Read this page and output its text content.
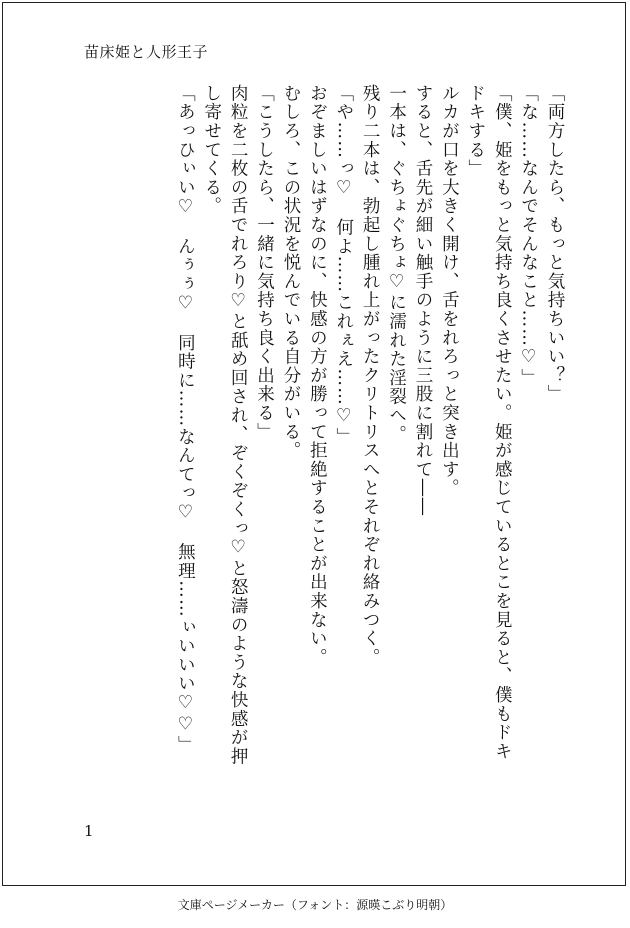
苗床姫と人形王子
「両方したら、もっと気持ちいい？」
「な……なんでそんなこと……♡」
「僕、姫をもっと気持ち良くさせたい。姫が感じているとこを見ると、僕もドキ
ドキする」
ルカが口を大きく開け、舌をれろっと突き出す。
すると、舌先が細い触手のように三股に割れて――
一本は、ぐちょぐちょ♡に濡れた淫裂へ。
残り二本は、勃起し腫れ上がったクリトリスへとそれぞれ絡みつく。
「や……っ♡　何よ……これぇえ……♡」
おぞましいはずなのに、快感の方が勝って拒絶することが出来ない。
むしろ、この状況を悦んでいる自分がいる。
「こうしたら、一緒に気持ち良く出来る」
肉粒を二枚の舌でれろり♡と舐め回され、ぞくぞくっ♡と怒濤のような快感が押
し寄せてくる。
「あっひぃい♡　んぅぅ♡　同時に……なんてっ♡　無理……ぃいいい♡♡」
1
文庫ページメーカー（フォント：源暎こぶり明朝）
